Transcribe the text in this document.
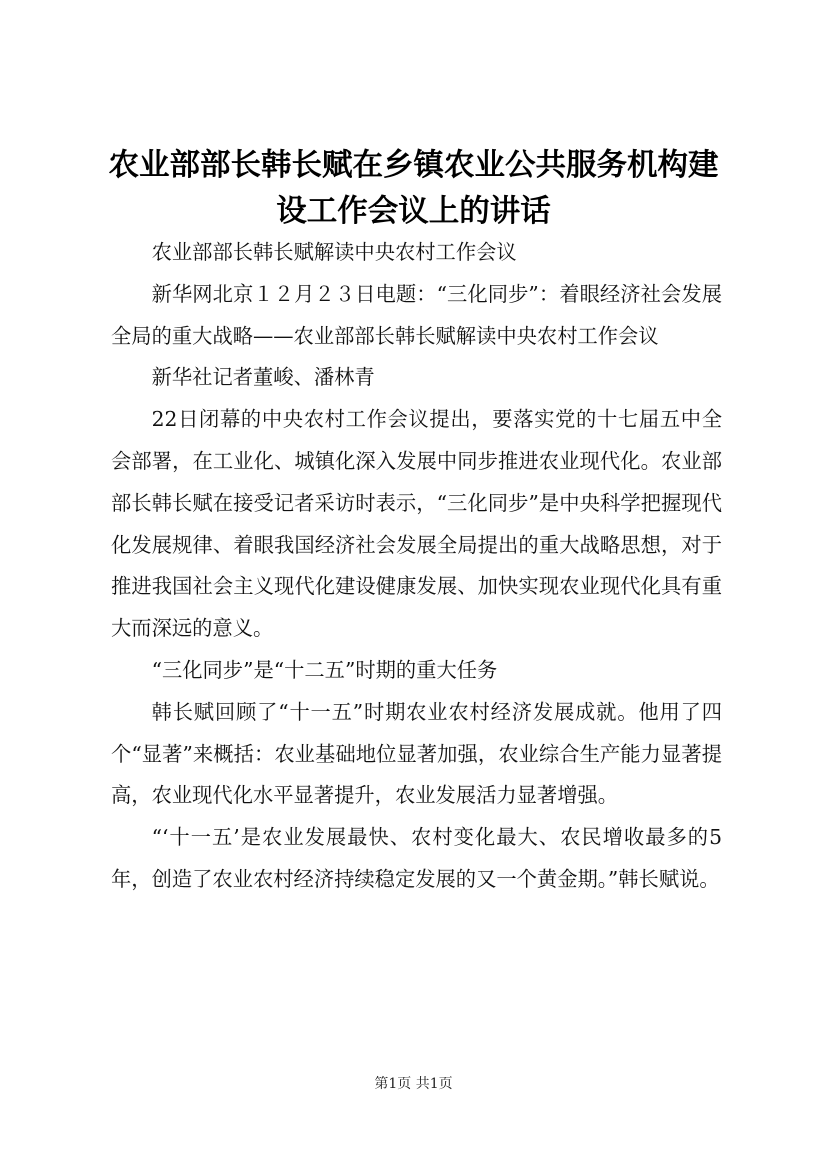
农业部部长韩长赋在乡镇农业公共服务机构建设工作会议上的讲话

农业部部长韩长赋解读中央农村工作会议

新华网北京１２月２３日电题：“三化同步”：着眼经济社会发展全局的重大战略——农业部部长韩长赋解读中央农村工作会议

新华社记者董峻、潘林青

22日闭幕的中央农村工作会议提出，要落实党的十七届五中全会部署，在工业化、城镇化深入发展中同步推进农业现代化。农业部部长韩长赋在接受记者采访时表示，“三化同步”是中央科学把握现代化发展规律、着眼我国经济社会发展全局提出的重大战略思想，对于推进我国社会主义现代化建设健康发展、加快实现农业现代化具有重大而深远的意义。

“三化同步”是“十二五”时期的重大任务

韩长赋回顾了“十一五”时期农业农村经济发展成就。他用了四个“显著”来概括：农业基础地位显著加强，农业综合生产能力显著提高，农业现代化水平显著提升，农业发展活力显著增强。

“‘十一五’是农业发展最快、农村变化最大、农民增收最多的5年，创造了农业农村经济持续稳定发展的又一个黄金期。”韩长赋说。

第1页 共1页
